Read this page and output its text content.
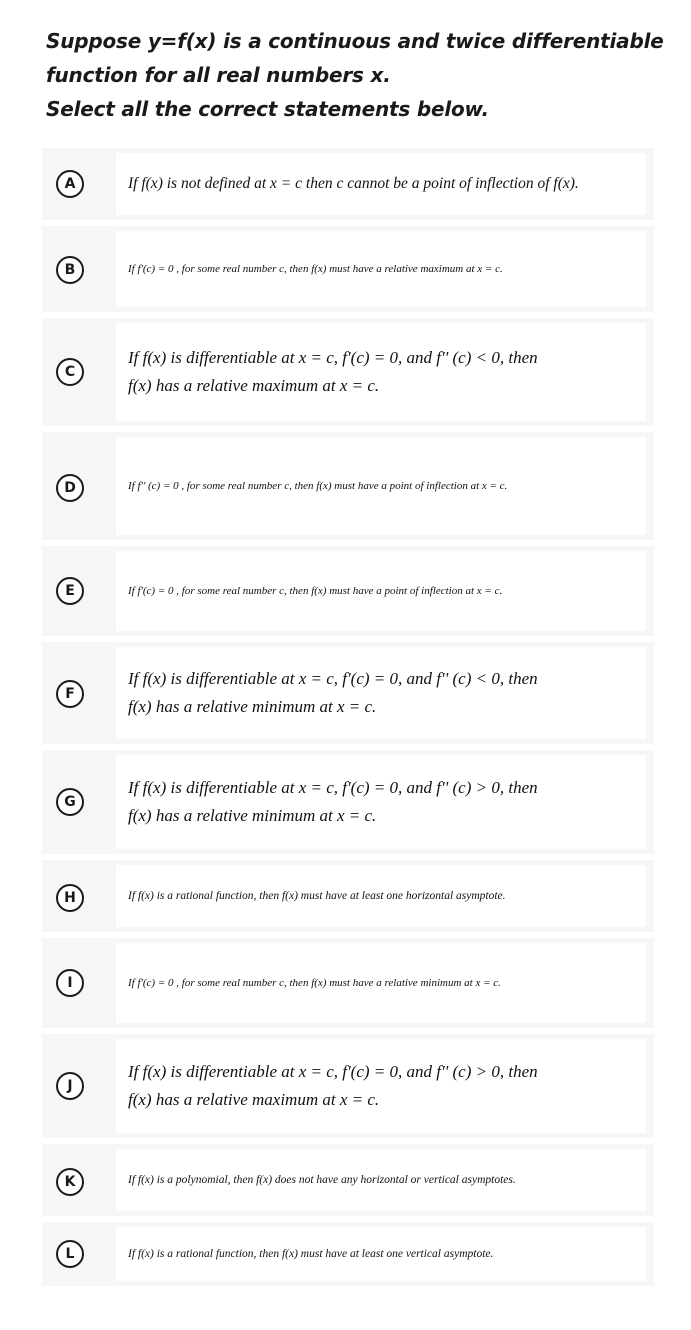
Suppose y=f(x) is a continuous and twice differentiable
function for all real numbers x.
Select all the correct statements below.
A	If f(x) is not defined at x = c then c cannot be a point of inflection of f(x).
B	If f'(c) = 0 , for some real number c, then f(x) must have a relative maximum at x = c.
C
If f(x) is differentiable at x = c, f'(c) = 0, and f'' (c) < 0, then
f(x) has a relative maximum at x = c.
D	If f'' (c) = 0 , for some real number c, then f(x) must have a point of inflection at x = c.
E	If f'(c) = 0 , for some real number c, then f(x) must have a point of inflection at x = c.
F
If f(x) is differentiable at x = c, f'(c) = 0, and f'' (c) < 0, then
f(x) has a relative minimum at x = c.
G
If f(x) is differentiable at x = c, f'(c) = 0, and f'' (c) > 0, then
f(x) has a relative minimum at x = c.
H	If f(x) is a rational function, then f(x) must have at least one horizontal asymptote.
I	If f'(c) = 0 , for some real number c, then f(x) must have a relative minimum at x = c.
J
If f(x) is differentiable at x = c, f'(c) = 0, and f'' (c) > 0, then
f(x) has a relative maximum at x = c.
K	If f(x) is a polynomial, then f(x) does not have any horizontal or vertical asymptotes.
L	If f(x) is a rational function, then f(x) must have at least one vertical asymptote.
